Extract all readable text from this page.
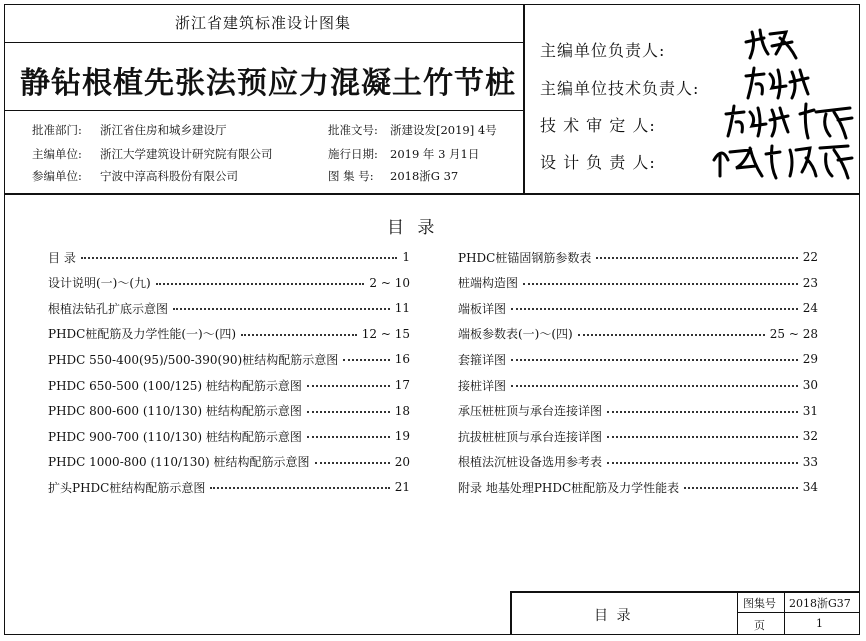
浙江省建筑标准设计图集
静钻根植先张法预应力混凝土竹节桩
批准部门: 浙江省住房和城乡建设厅
主编单位: 浙江大学建筑设计研究院有限公司
参编单位: 宁波中淳高科股份有限公司
批准文号: 浙建设发[2019] 4号
施行日期: 2019 年 3 月1日
图 集 号: 2018浙G 37
主编单位负责人:
主编单位技术负责人:
技 术 审 定 人:
设 计 负 责 人:
目 录
目 录	1
设计说明(一)～(九)	2 ~ 10
根植法钻孔扩底示意图	11
PHDC桩配筋及力学性能(一)～(四)	12 ~ 15
PHDC 550-400(95)/500-390(90)桩结构配筋示意图	16
PHDC 650-500 (100/125) 桩结构配筋示意图	17
PHDC 800-600 (110/130) 桩结构配筋示意图	18
PHDC 900-700 (110/130) 桩结构配筋示意图	19
PHDC 1000-800 (110/130) 桩结构配筋示意图	20
扩头PHDC桩结构配筋示意图	21
PHDC桩锚固钢筋参数表	22
桩端构造图	23
端板详图	24
端板参数表(一)～(四)	25 ~ 28
套箍详图	29
接桩详图	30
承压桩桩顶与承台连接详图	31
抗拔桩桩顶与承台连接详图	32
根植法沉桩设备选用参考表	33
附录 地基处理PHDC桩配筋及力学性能表	34
目 录
图集号 2018浙G37
页	1
